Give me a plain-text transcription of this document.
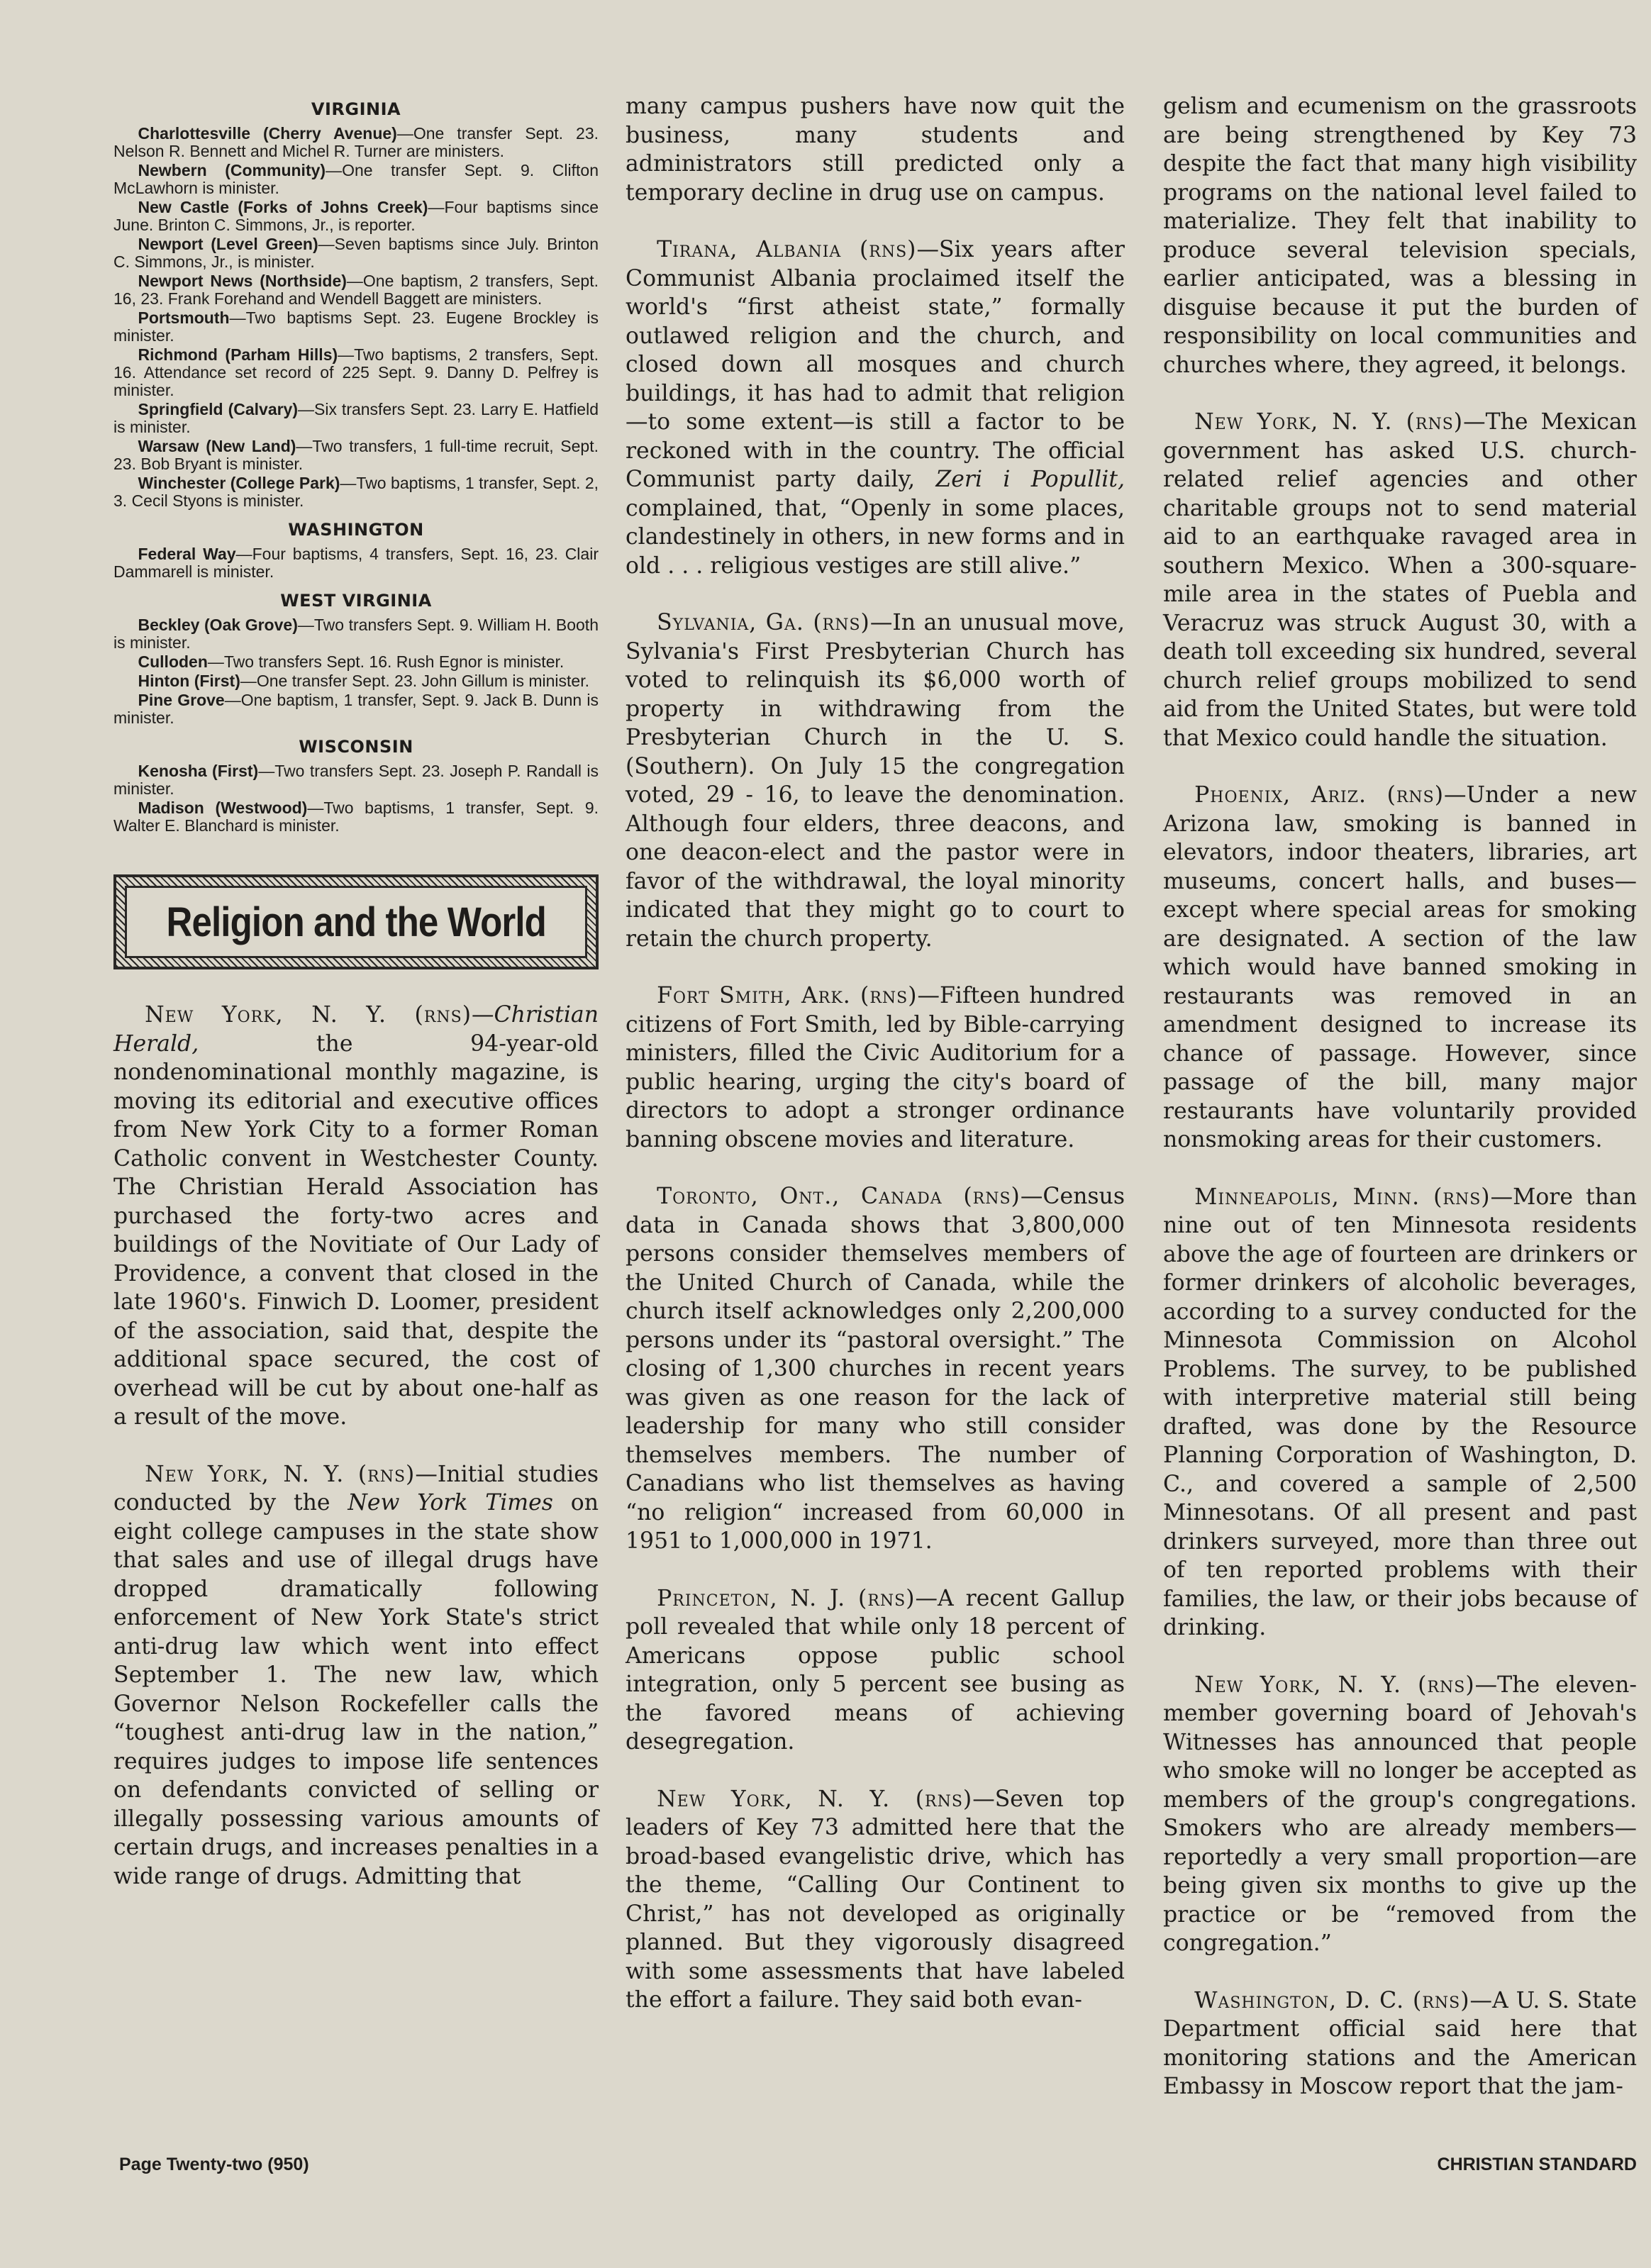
VIRGINIA

Charlottesville (Cherry Avenue)—One transfer Sept. 23. Nelson R. Bennett and Michel R. Turner are ministers.

Newbern (Community)—One transfer Sept. 9. Clifton McLawhorn is minister.

New Castle (Forks of Johns Creek)—Four baptisms since June. Brinton C. Simmons, Jr., is reporter.

Newport (Level Green)—Seven baptisms since July. Brinton C. Simmons, Jr., is minister.

Newport News (Northside)—One baptism, 2 transfers, Sept. 16, 23. Frank Forehand and Wendell Baggett are ministers.

Portsmouth—Two baptisms Sept. 23. Eugene Brockley is minister.

Richmond (Parham Hills)—Two baptisms, 2 transfers, Sept. 16. Attendance set record of 225 Sept. 9. Danny D. Pelfrey is minister.

Springfield (Calvary)—Six transfers Sept. 23. Larry E. Hatfield is minister.

Warsaw (New Land)—Two transfers, 1 full-time recruit, Sept. 23. Bob Bryant is minister.

Winchester (College Park)—Two baptisms, 1 transfer, Sept. 2, 3. Cecil Styons is minister.

WASHINGTON

Federal Way—Four baptisms, 4 transfers, Sept. 16, 23. Clair Dammarell is minister.

WEST VIRGINIA

Beckley (Oak Grove)—Two transfers Sept. 9. William H. Booth is minister.

Culloden—Two transfers Sept. 16. Rush Egnor is minister.

Hinton (First)—One transfer Sept. 23. John Gillum is minister.

Pine Grove—One baptism, 1 transfer, Sept. 9. Jack B. Dunn is minister.

WISCONSIN

Kenosha (First)—Two transfers Sept. 23. Joseph P. Randall is minister.

Madison (Westwood)—Two baptisms, 1 transfer, Sept. 9. Walter E. Blanchard is minister.

Religion and the World

New York, N. Y. (rns)—Christian Herald, the 94-year-old nondenominational monthly magazine, is moving its editorial and executive offices from New York City to a former Roman Catholic convent in Westchester County. The Christian Herald Association has purchased the forty-two acres and buildings of the Novitiate of Our Lady of Providence, a convent that closed in the late 1960's. Finwich D. Loomer, president of the association, said that, despite the additional space secured, the cost of overhead will be cut by about one-half as a result of the move.

New York, N. Y. (rns)—Initial studies conducted by the New York Times on eight college campuses in the state show that sales and use of illegal drugs have dropped dramatically following enforcement of New York State's strict anti-drug law which went into effect September 1. The new law, which Governor Nelson Rockefeller calls the “toughest anti-drug law in the nation,” requires judges to impose life sentences on defendants convicted of selling or illegally possessing various amounts of certain drugs, and increases penalties in a wide range of drugs. Admitting that

many campus pushers have now quit the business, many students and administrators still predicted only a temporary decline in drug use on campus.

Tirana, Albania (rns)—Six years after Communist Albania proclaimed itself the world's “first atheist state,” formally outlawed religion and the church, and closed down all mosques and church buildings, it has had to admit that religion—to some extent—is still a factor to be reckoned with in the country. The official Communist party daily, Zeri i Popullit, complained, that, “Openly in some places, clandestinely in others, in new forms and in old . . . religious vestiges are still alive.”

Sylvania, Ga. (rns)—In an unusual move, Sylvania's First Presbyterian Church has voted to relinquish its $6,000 worth of property in withdrawing from the Presbyterian Church in the U. S. (Southern). On July 15 the congregation voted, 29 - 16, to leave the denomination. Although four elders, three deacons, and one deacon-elect and the pastor were in favor of the withdrawal, the loyal minority indicated that they might go to court to retain the church property.

Fort Smith, Ark. (rns)—Fifteen hundred citizens of Fort Smith, led by Bible-carrying ministers, filled the Civic Auditorium for a public hearing, urging the city's board of directors to adopt a stronger ordinance banning obscene movies and literature.

Toronto, Ont., Canada (rns)—Census data in Canada shows that 3,800,000 persons consider themselves members of the United Church of Canada, while the church itself acknowledges only 2,200,000 persons under its “pastoral oversight.” The closing of 1,300 churches in recent years was given as one reason for the lack of leadership for many who still consider themselves members. The number of Canadians who list themselves as having “no religion“ increased from 60,000 in 1951 to 1,000,000 in 1971.

Princeton, N. J. (rns)—A recent Gallup poll revealed that while only 18 percent of Americans oppose public school integration, only 5 percent see busing as the favored means of achieving desegregation.

New York, N. Y. (rns)—Seven top leaders of Key 73 admitted here that the broad-based evangelistic drive, which has the theme, “Calling Our Continent to Christ,” has not developed as originally planned. But they vigorously disagreed with some assessments that have labeled the effort a failure. They said both evan-

gelism and ecumenism on the grassroots are being strengthened by Key 73 despite the fact that many high visibility programs on the national level failed to materialize. They felt that inability to produce several television specials, earlier anticipated, was a blessing in disguise because it put the burden of responsibility on local communities and churches where, they agreed, it belongs.

New York, N. Y. (rns)—The Mexican government has asked U.S. church-related relief agencies and other charitable groups not to send material aid to an earthquake ravaged area in southern Mexico. When a 300-square-mile area in the states of Puebla and Veracruz was struck August 30, with a death toll exceeding six hundred, several church relief groups mobilized to send aid from the United States, but were told that Mexico could handle the situation.

Phoenix, Ariz. (rns)—Under a new Arizona law, smoking is banned in elevators, indoor theaters, libraries, art museums, concert halls, and buses—except where special areas for smoking are designated. A section of the law which would have banned smoking in restaurants was removed in an amendment designed to increase its chance of passage. However, since passage of the bill, many major restaurants have voluntarily provided nonsmoking areas for their customers.

Minneapolis, Minn. (rns)—More than nine out of ten Minnesota residents above the age of fourteen are drinkers or former drinkers of alcoholic beverages, according to a survey conducted for the Minnesota Commission on Alcohol Problems. The survey, to be published with interpretive material still being drafted, was done by the Resource Planning Corporation of Washington, D. C., and covered a sample of 2,500 Minnesotans. Of all present and past drinkers surveyed, more than three out of ten reported problems with their families, the law, or their jobs because of drinking.

New York, N. Y. (rns)—The eleven-member governing board of Jehovah's Witnesses has announced that people who smoke will no longer be accepted as members of the group's congregations. Smokers who are already members—reportedly a very small proportion—are being given six months to give up the practice or be “removed from the congregation.”

Washington, D. C. (rns)—A U. S. State Department official said here that monitoring stations and the American Embassy in Moscow report that the jam-

Page Twenty-two (950)	CHRISTIAN STANDARD
